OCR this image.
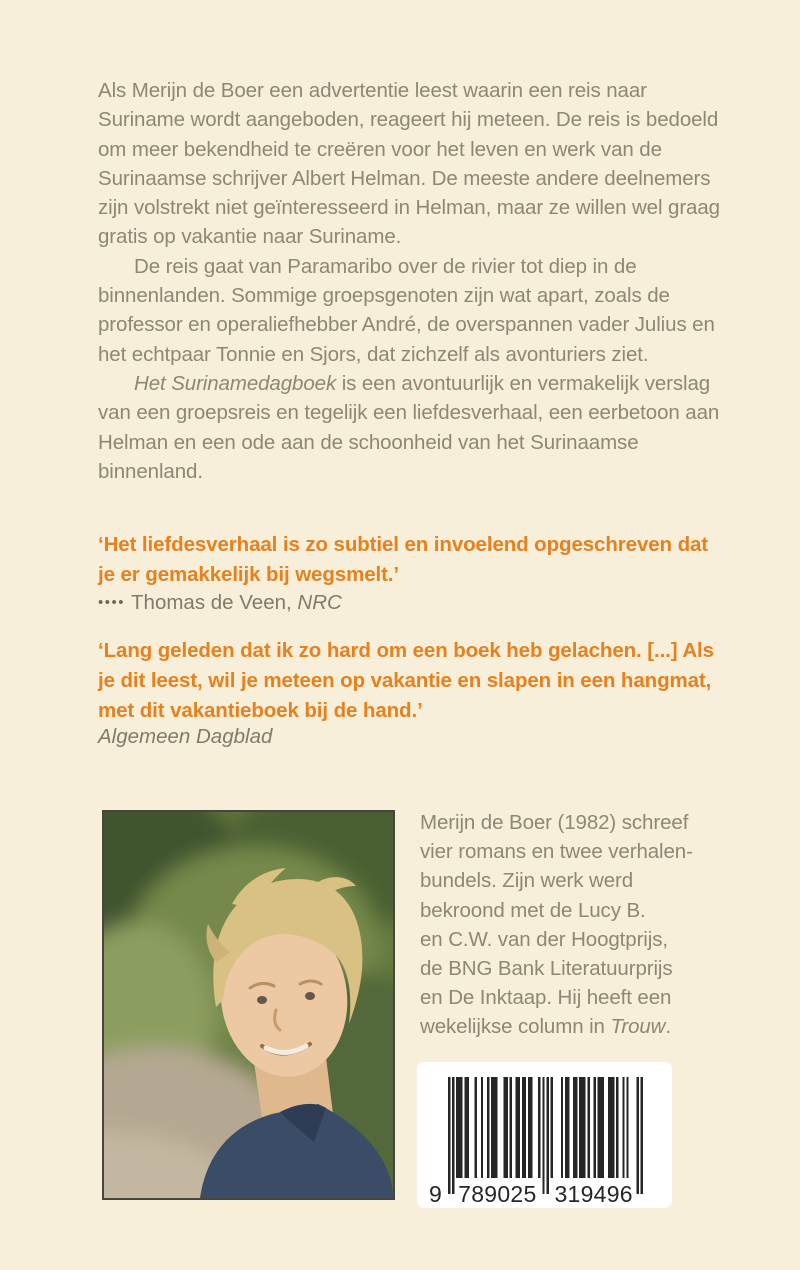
Als Merijn de Boer een advertentie leest waarin een reis naar Suriname wordt aangeboden, reageert hij meteen. De reis is bedoeld om meer bekendheid te creëren voor het leven en werk van de Surinaamse schrijver Albert Helman. De meeste andere deelnemers zijn volstrekt niet geïnteresseerd in Helman, maar ze willen wel graag gratis op vakantie naar Suriname.

De reis gaat van Paramaribo over de rivier tot diep in de binnenlanden. Sommige groepsgenoten zijn wat apart, zoals de professor en operaliefhebber André, de overspannen vader Julius en het echtpaar Tonnie en Sjors, dat zichzelf als avonturiers ziet.

Het Surinamedagboek is een avontuurlijk en vermakelijk verslag van een groepsreis en tegelijk een liefdesverhaal, een eerbetoon aan Helman en een ode aan de schoonheid van het Surinaamse binnenland.

‘Het liefdesverhaal is zo subtiel en invoelend opgeschreven dat je er gemakkelijk bij wegsmelt.’

•••• Thomas de Veen, NRC

‘Lang geleden dat ik zo hard om een boek heb gelachen. [...] Als je dit leest, wil je meteen op vakantie en slapen in een hangmat, met dit vakantieboek bij de hand.’

Algemeen Dagblad

Merijn de Boer (1982) schreef
vier romans en twee verhalen-
bundels. Zijn werk werd
bekroond met de Lucy B.
en C.W. van der Hoogtprijs,
de BNG Bank Literatuurprijs
en De Inktaap. Hij heeft een
wekelijkse column in Trouw.
9 789025 319496
